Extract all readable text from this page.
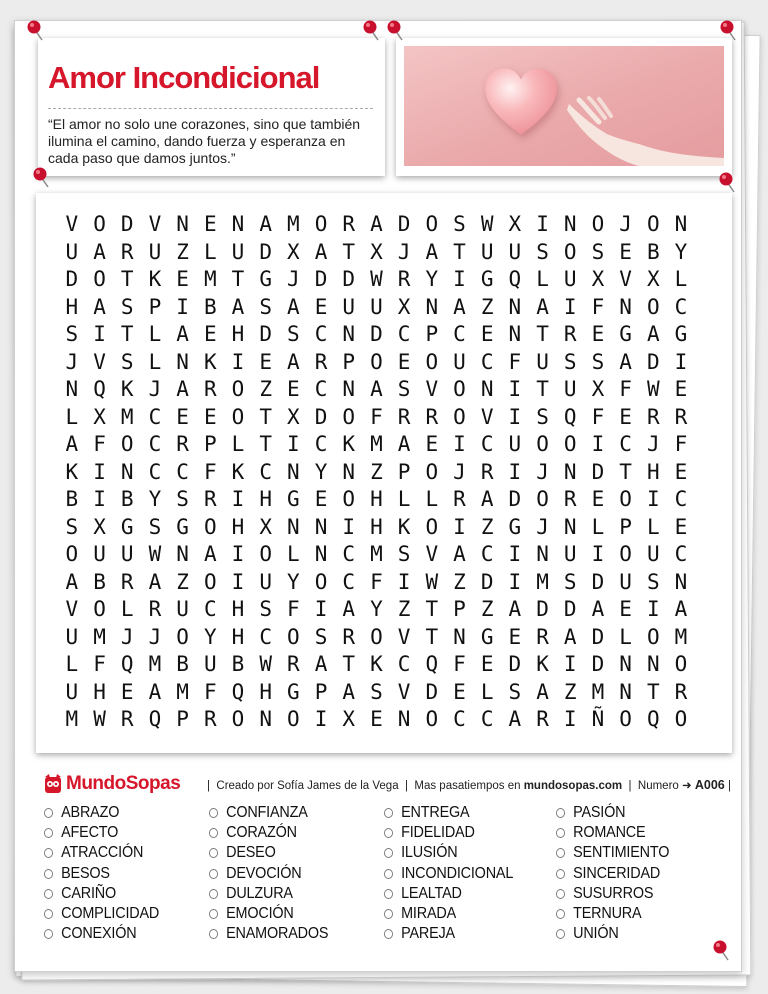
Amor Incondicional
“El amor no solo une corazones, sino que también ilumina el camino, dando fuerza y esperanza en cada paso que damos juntos.”
V O D V N E N A M O R A D O S W X I N O J O N
U A R U Z L U D X A T X J A T U U S O S E B Y
D O T K E M T G J D D W R Y I G Q L U X V X L
H A S P I B A S A E U U X N A Z N A I F N O C
S I T L A E H D S C N D C P C E N T R E G A G
J V S L N K I E A R P O E O U C F U S S A D I
N Q K J A R O Z E C N A S V O N I T U X F W E
L X M C E E O T X D O F R R O V I S Q F E R R
A F O C R P L T I C K M A E I C U O O I C J F
K I N C C F K C N Y N Z P O J R I J N D T H E
B I B Y S R I H G E O H L L R A D O R E O I C
S X G S G O H X N N I H K O I Z G J N L P L E
O U U W N A I O L N C M S V A C I N U I O U C
A B R A Z O I U Y O C F I W Z D I M S D U S N
V O L R U C H S F I A Y Z T P Z A D D A E I A
U M J J O Y H C O S R O V T N G E R A D L O M
L F Q M B U B W R A T K C Q F E D K I D N N O
U H E A M F Q H G P A S V D E L S A Z M N T R
M W R Q P R O N O I X E N O C C A R I Ñ O Q O
MundoSopas | Creado por Sofía James de la Vega | Mas pasatiempos en mundosopas.com | Numero ➜ A006 |
ABRAZO
AFECTO
ATRACCIÓN
BESOS
CARIÑO
COMPLICIDAD
CONEXIÓN
CONFIANZA
CORAZÓN
DESEO
DEVOCIÓN
DULZURA
EMOCIÓN
ENAMORADOS
ENTREGA
FIDELIDAD
ILUSIÓN
INCONDICIONAL
LEALTAD
MIRADA
PAREJA
PASIÓN
ROMANCE
SENTIMIENTO
SINCERIDAD
SUSURROS
TERNURA
UNIÓN
